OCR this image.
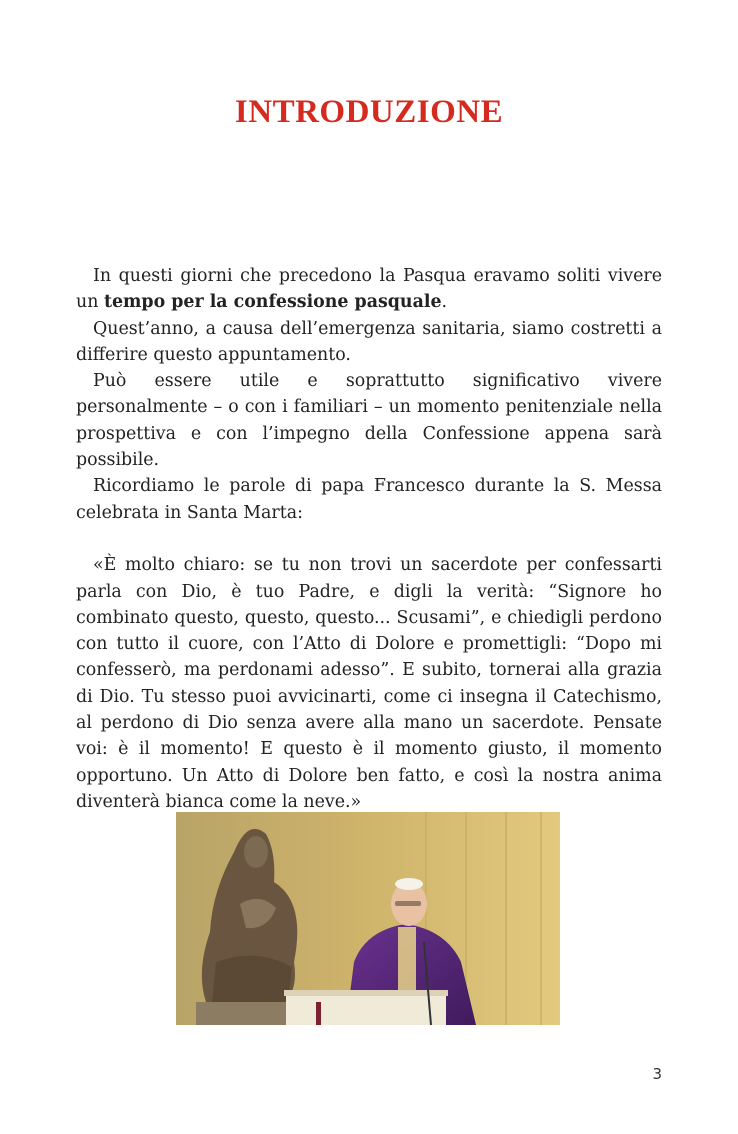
INTRODUZIONE

In questi giorni che precedono la Pasqua eravamo soliti vivere un tempo per la confessione pasquale.

Quest’anno, a causa dell’emergenza sanitaria, siamo costretti a differire questo appuntamento.

Può essere utile e soprattutto significativo vivere personalmente – o con i familiari – un momento penitenziale nella prospettiva e con l’impegno della Confessione appena sarà possibile.

Ricordiamo le parole di papa Francesco durante la S. Messa celebrata in Santa Marta:

«È molto chiaro: se tu non trovi un sacerdote per confessarti parla con Dio, è tuo Padre, e digli la verità: “Signore ho combinato questo, questo, questo... Scusami”, e chiedigli perdono con tutto il cuore, con l’Atto di Dolore e promettigli: “Dopo mi confesserò, ma perdonami adesso”. E subito, tornerai alla grazia di Dio. Tu stesso puoi avvicinarti, come ci insegna il Catechismo, al perdono di Dio senza avere alla mano un sacerdote. Pensate voi: è il momento! E questo è il momento giusto, il momento opportuno. Un Atto di Dolore ben fatto, e così la nostra anima diventerà bianca come la neve.»

3
